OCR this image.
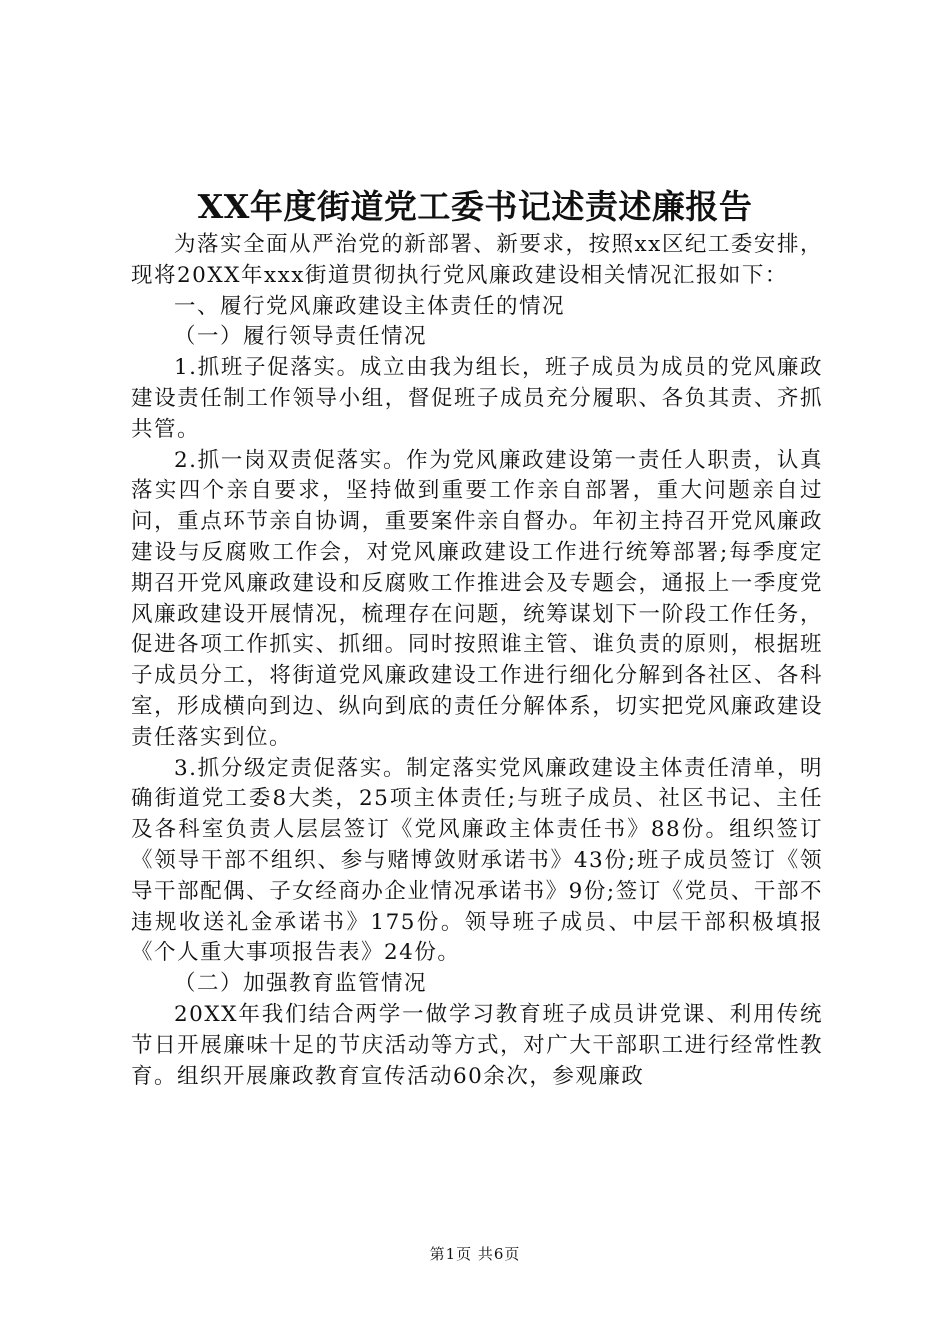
XX年度街道党工委书记述责述廉报告

为落实全面从严治党的新部署、新要求，按照xx区纪工委安排，现将20XX年xxx街道贯彻执行党风廉政建设相关情况汇报如下：

一、履行党风廉政建设主体责任的情况

（一）履行领导责任情况

1.抓班子促落实。成立由我为组长，班子成员为成员的党风廉政建设责任制工作领导小组，督促班子成员充分履职、各负其责、齐抓共管。

2.抓一岗双责促落实。作为党风廉政建设第一责任人职责，认真落实四个亲自要求，坚持做到重要工作亲自部署，重大问题亲自过问，重点环节亲自协调，重要案件亲自督办。年初主持召开党风廉政建设与反腐败工作会，对党风廉政建设工作进行统筹部署;每季度定期召开党风廉政建设和反腐败工作推进会及专题会，通报上一季度党风廉政建设开展情况，梳理存在问题，统筹谋划下一阶段工作任务，促进各项工作抓实、抓细。同时按照谁主管、谁负责的原则，根据班子成员分工，将街道党风廉政建设工作进行细化分解到各社区、各科室，形成横向到边、纵向到底的责任分解体系，切实把党风廉政建设责任落实到位。

3.抓分级定责促落实。制定落实党风廉政建设主体责任清单，明确街道党工委8大类，25项主体责任;与班子成员、社区书记、主任及各科室负责人层层签订《党风廉政主体责任书》88份。组织签订《领导干部不组织、参与赌博敛财承诺书》43份;班子成员签订《领导干部配偶、子女经商办企业情况承诺书》9份;签订《党员、干部不违规收送礼金承诺书》175份。领导班子成员、中层干部积极填报《个人重大事项报告表》24份。

（二）加强教育监管情况

20XX年我们结合两学一做学习教育班子成员讲党课、利用传统节日开展廉味十足的节庆活动等方式，对广大干部职工进行经常性教育。组织开展廉政教育宣传活动60余次，参观廉政

第1页 共6页
